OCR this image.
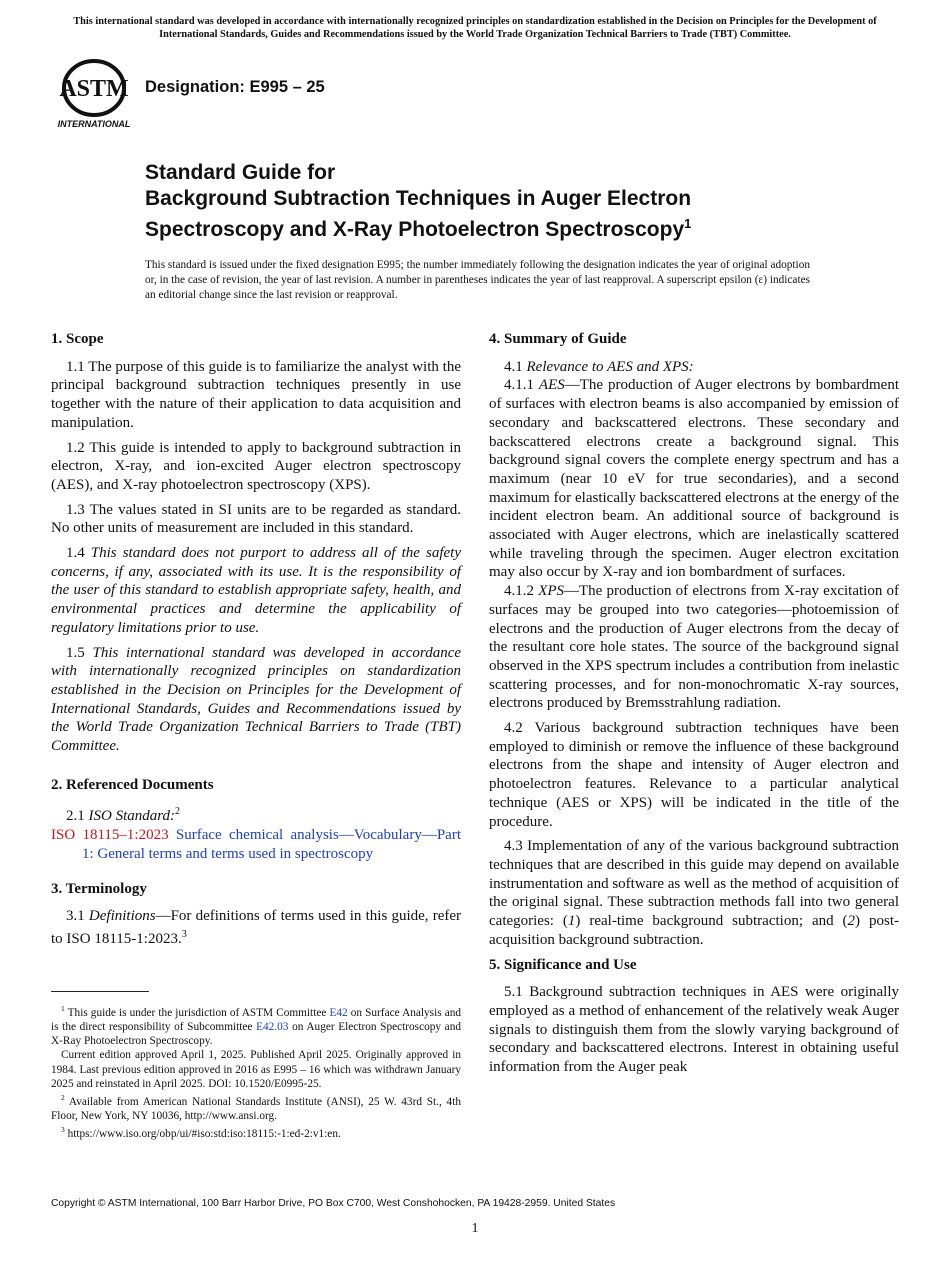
This international standard was developed in accordance with internationally recognized principles on standardization established in the Decision on Principles for the Development of International Standards, Guides and Recommendations issued by the World Trade Organization Technical Barriers to Trade (TBT) Committee.
ASTM
INTERNATIONAL
Designation: E995 – 25
Standard Guide for
Background Subtraction Techniques in Auger Electron
Spectroscopy and X-Ray Photoelectron Spectroscopy$^1$
This standard is issued under the fixed designation E995; the number immediately following the designation indicates the year of original adoption or, in the case of revision, the year of last revision. A number in parentheses indicates the year of last reapproval. A superscript epsilon (ε) indicates an editorial change since the last revision or reapproval.
1. Scope

1.1 The purpose of this guide is to familiarize the analyst with the principal background subtraction techniques presently in use together with the nature of their application to data acquisition and manipulation.

1.2 This guide is intended to apply to background subtraction in electron, X-ray, and ion-excited Auger electron spectroscopy (AES), and X-ray photoelectron spectroscopy (XPS).

1.3 The values stated in SI units are to be regarded as standard. No other units of measurement are included in this standard.

1.4 This standard does not purport to address all of the safety concerns, if any, associated with its use. It is the responsibility of the user of this standard to establish appropriate safety, health, and environmental practices and determine the applicability of regulatory limitations prior to use.

1.5 This international standard was developed in accordance with internationally recognized principles on standardization established in the Decision on Principles for the Development of International Standards, Guides and Recommendations issued by the World Trade Organization Technical Barriers to Trade (TBT) Committee.

2. Referenced Documents

2.1 ISO Standard:$^2$

ISO 18115–1:2023 Surface chemical analysis—Vocabulary—Part 1: General terms and terms used in spectroscopy
3. Terminology

3.1 Definitions—For definitions of terms used in this guide, refer to ISO 18115-1:2023.$^3$

4. Summary of Guide

4.1 Relevance to AES and XPS:

4.1.1 AES—The production of Auger electrons by bombardment of surfaces with electron beams is also accompanied by emission of secondary and backscattered electrons. These secondary and backscattered electrons create a background signal. This background signal covers the complete energy spectrum and has a maximum (near 10 eV for true secondaries), and a second maximum for elastically backscattered electrons at the energy of the incident electron beam. An additional source of background is associated with Auger electrons, which are inelastically scattered while traveling through the specimen. Auger electron excitation may also occur by X-ray and ion bombardment of surfaces.

4.1.2 XPS—The production of electrons from X-ray excitation of surfaces may be grouped into two categories—photoemission of electrons and the production of Auger electrons from the decay of the resultant core hole states. The source of the background signal observed in the XPS spectrum includes a contribution from inelastic scattering processes, and for non-monochromatic X-ray sources, electrons produced by Bremsstrahlung radiation.

4.2 Various background subtraction techniques have been employed to diminish or remove the influence of these background electrons from the shape and intensity of Auger electron and photoelectron features. Relevance to a particular analytical technique (AES or XPS) will be indicated in the title of the procedure.

4.3 Implementation of any of the various background subtraction techniques that are described in this guide may depend on available instrumentation and software as well as the method of acquisition of the original signal. These subtraction methods fall into two general categories: (1) real-time background subtraction; and (2) post-acquisition background subtraction.

5. Significance and Use

5.1 Background subtraction techniques in AES were originally employed as a method of enhancement of the relatively weak Auger signals to distinguish them from the slowly varying background of secondary and backscattered electrons. Interest in obtaining useful information from the Auger peak

$^1$ This guide is under the jurisdiction of ASTM Committee E42 on Surface Analysis and is the direct responsibility of Subcommittee E42.03 on Auger Electron Spectroscopy and X-Ray Photoelectron Spectroscopy.

Current edition approved April 1, 2025. Published April 2025. Originally approved in 1984. Last previous edition approved in 2016 as E995 – 16 which was withdrawn January 2025 and reinstated in April 2025. DOI: 10.1520/E0995-25.

$^2$ Available from American National Standards Institute (ANSI), 25 W. 43rd St., 4th Floor, New York, NY 10036, http://www.ansi.org.

$^3$ https://www.iso.org/obp/ui/#iso:std:iso:18115:-1:ed-2:v1:en.

Copyright © ASTM International, 100 Barr Harbor Drive, PO Box C700, West Conshohocken, PA 19428-2959. United States
1
